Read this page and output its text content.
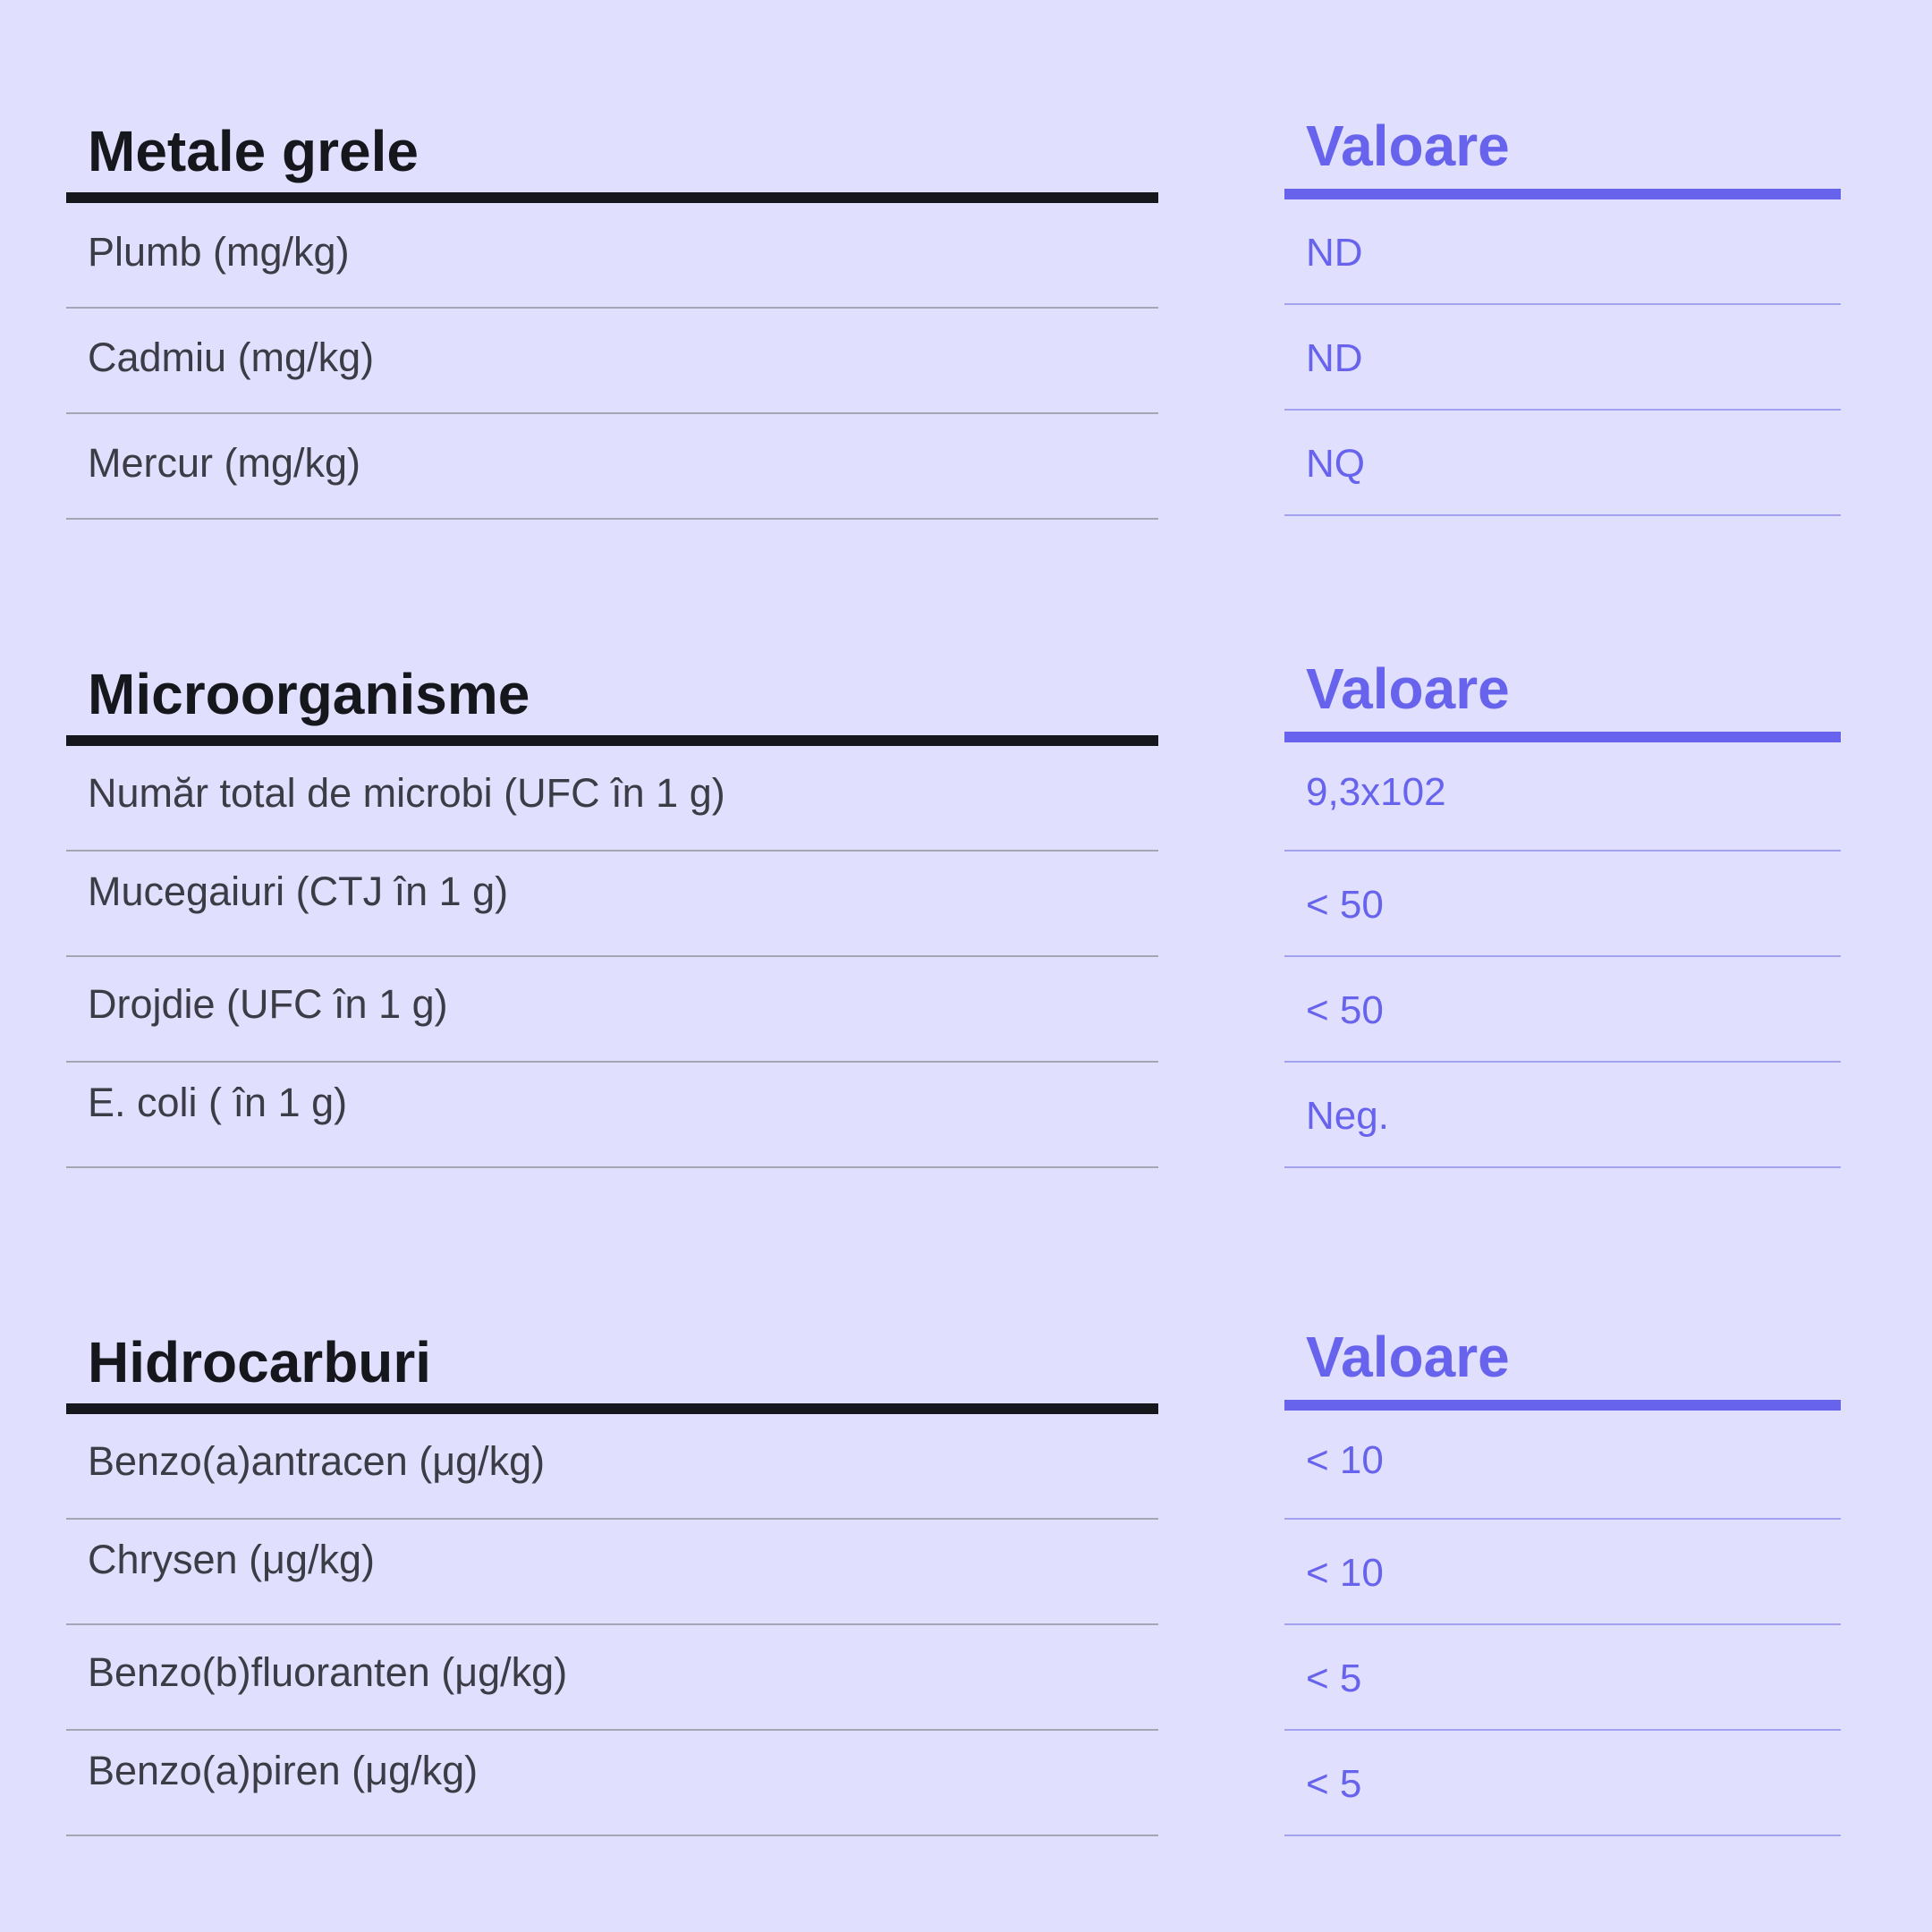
Metale grele
Plumb (mg/kg)
Cadmiu (mg/kg)
Mercur (mg/kg)
Valoare
ND
ND
NQ
Microorganisme
Număr total de microbi (UFC în 1 g)
Mucegaiuri (CTJ în 1 g)
Drojdie (UFC în 1 g)
E. coli ( în 1 g)
Valoare
9,3x102
< 50
< 50
Neg.
Hidrocarburi
Benzo(a)antracen (μg/kg)
Chrysen (μg/kg)
Benzo(b)fluoranten (μg/kg)
Benzo(a)piren (μg/kg)
Valoare
< 10
< 10
< 5
< 5
